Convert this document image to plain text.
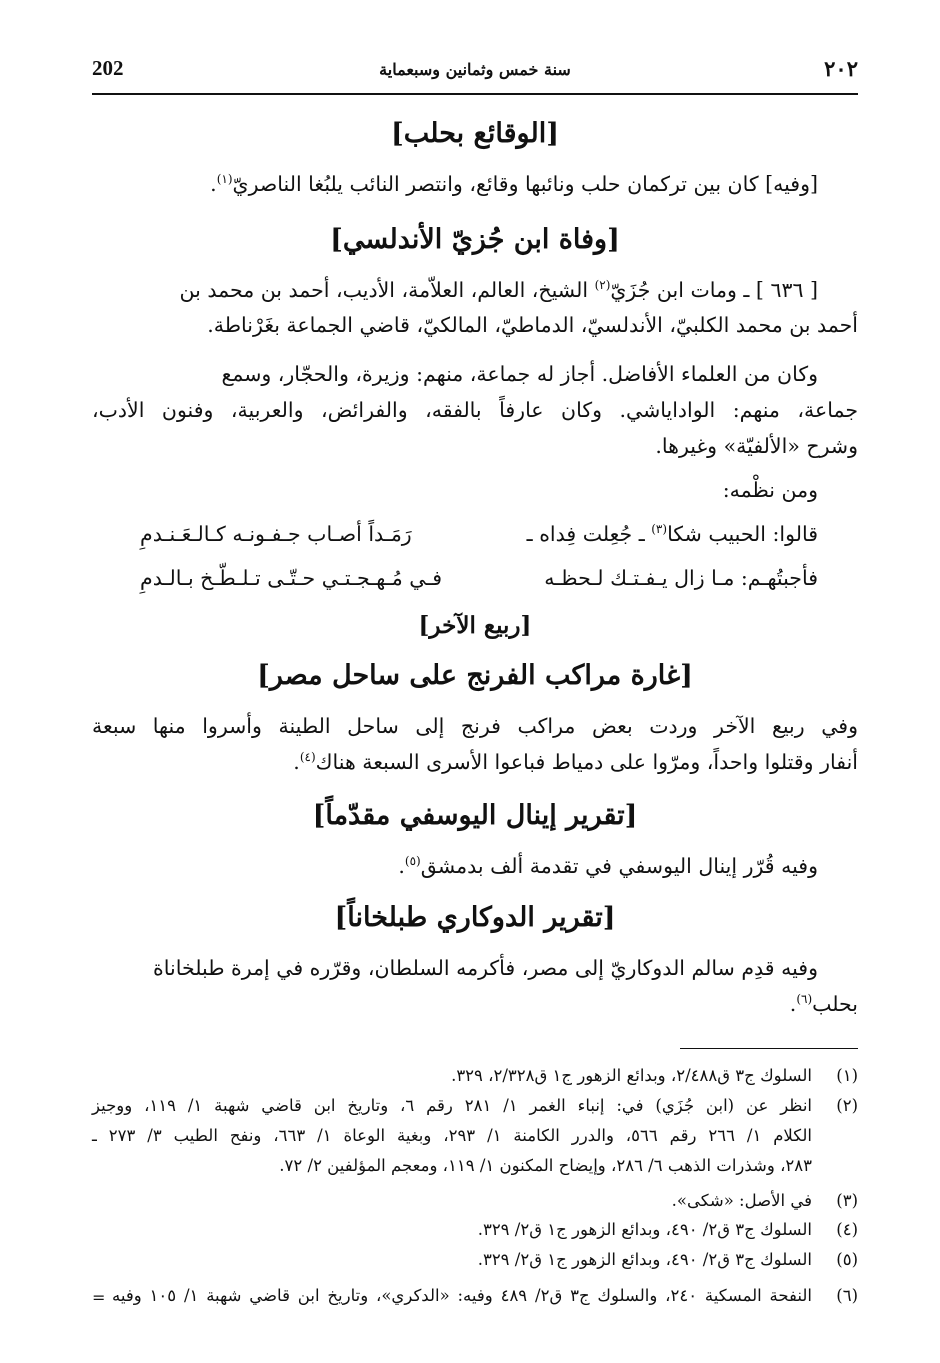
202	سنة خمس وثمانين وسبعماية	٢٠٢
[الوقائع بحلب]
[وفيه] كان بين تركمان حلب ونائبها وقائع، وانتصر النائب يلبُغا الناصريّ$^{(١)}$.
[وفاة ابن جُزيّ الأندلسي]
[ ٦٣٦ ] ـ ومات ابن جُزَيّ$^{(٢)}$ الشيخ، العالم، العلاّمة، الأديب، أحمد بن محمد بن
أحمد بن محمد الكلبيّ، الأندلسيّ، الدماطيّ، المالكيّ، قاضي الجماعة بغَرْناطة.
وكان من العلماء الأفاضل. أجاز له جماعة، منهم: وزيرة، والحجّار، وسمع
جماعة، منهم: الواداياشي. وكان عارفاً بالفقه، والفرائض، والعربية، وفنون الأدب،
وشرح «الألفيّة» وغيرها.
ومن نظْمه:
قالوا: الحبيب شكا$^{(٣)}$ ـ جُعِلت فِداه ـ
رَمَـداً أصـاب جـفـونـه كـالـعَـنـدمِ
فأجبتُهـم: مـا زال يـفـتـك لـحظـه
فـي مُـهـجـتـي حـتّـى تـلـطّـخ بـالـدمِ
[ربيع الآخر]
[غارة مراكب الفرنج على ساحل مصر]
وفي ربيع الآخر وردت بعض مراكب فرنج إلى ساحل الطينة وأسروا منها سبعة
أنفار وقتلوا واحداً، ومرّوا على دمياط فباعوا الأسرى السبعة هناك$^{(٤)}$.
[تقرير إينال اليوسفي مقدّماً]
وفيه قُرّر إينال اليوسفي في تقدمة ألف بدمشق$^{(٥)}$.
[تقرير الدوكاري طبلخاناً]
وفيه قدِم سالم الدوكاريّ إلى مصر، فأكرمه السلطان، وقرّره في إمرة طبلخاناة
بحلب$^{(٦)}$.
(١)
السلوك ج٣ ق٢/٤٨٨، وبدائع الزهور ج١ ق٢/٣٢٨، ٣٢٩.
(٢)
انظر عن (ابن جُزَي) في: إنباء الغمر ١/ ٢٨١ رقم ٦، وتاريخ ابن قاضي شهبة ١/ ١١٩، ووجيز
الكلام ١/ ٢٦٦ رقم ٥٦٦، والدرر الكامنة ١/ ٢٩٣، وبغية الوعاة ١/ ٦٦٣، ونفح الطيب ٣/ ٢٧٣ ـ
٢٨٣، وشذرات الذهب ٦/ ٢٨٦، وإيضاح المكنون ١/ ١١٩، ومعجم المؤلفين ٢/ ٧٢.
(٣)
في الأصل: «شكى».
(٤)
السلوك ج٣ ق٢/ ٤٩٠، وبدائع الزهور ج١ ق٢/ ٣٢٩.
(٥)
السلوك ج٣ ق٢/ ٤٩٠، وبدائع الزهور ج١ ق٢/ ٣٢٩.
(٦)
النفحة المسكية ٢٤٠، والسلوك ج٣ ق٢/ ٤٨٩ وفيه: «الدكري»، وتاريخ ابن قاضي شهبة ١/ ١٠٥ وفيه
=
